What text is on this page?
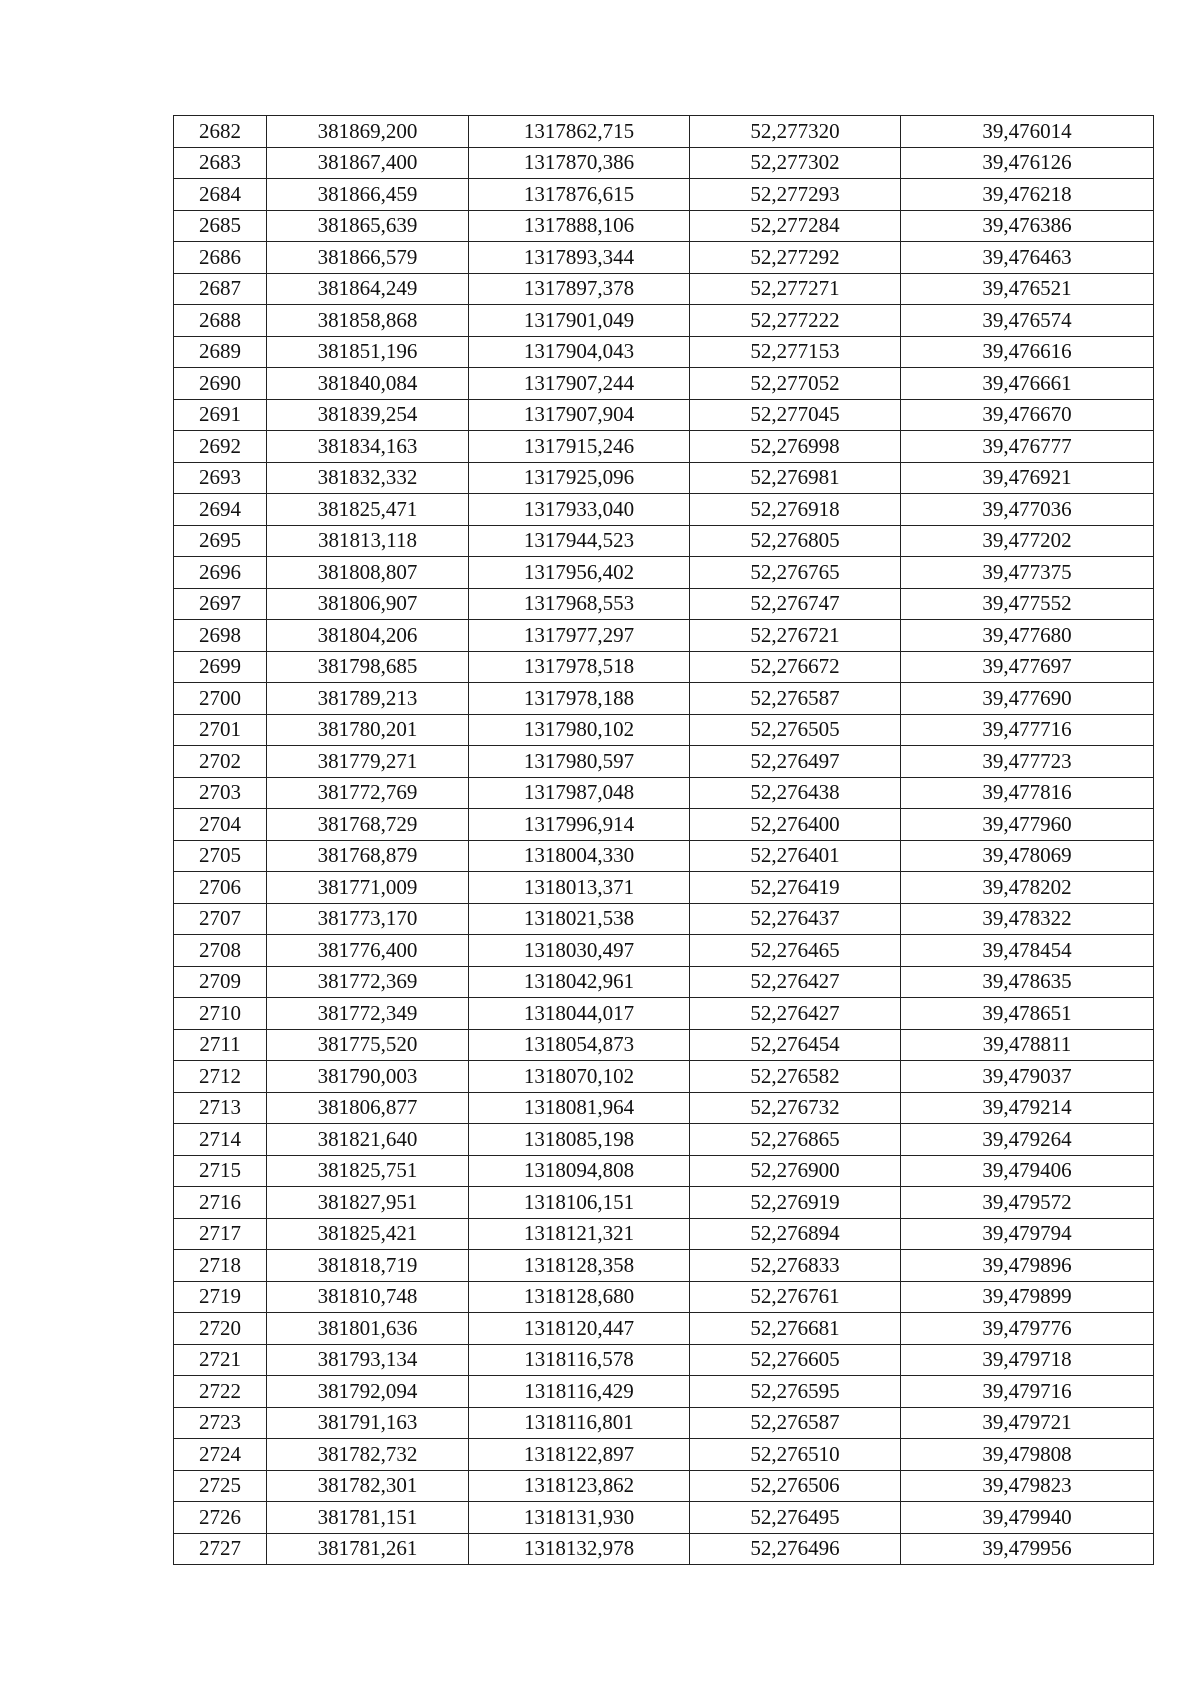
2682	381869,200	1317862,715	52,277320	39,476014
2683	381867,400	1317870,386	52,277302	39,476126
2684	381866,459	1317876,615	52,277293	39,476218
2685	381865,639	1317888,106	52,277284	39,476386
2686	381866,579	1317893,344	52,277292	39,476463
2687	381864,249	1317897,378	52,277271	39,476521
2688	381858,868	1317901,049	52,277222	39,476574
2689	381851,196	1317904,043	52,277153	39,476616
2690	381840,084	1317907,244	52,277052	39,476661
2691	381839,254	1317907,904	52,277045	39,476670
2692	381834,163	1317915,246	52,276998	39,476777
2693	381832,332	1317925,096	52,276981	39,476921
2694	381825,471	1317933,040	52,276918	39,477036
2695	381813,118	1317944,523	52,276805	39,477202
2696	381808,807	1317956,402	52,276765	39,477375
2697	381806,907	1317968,553	52,276747	39,477552
2698	381804,206	1317977,297	52,276721	39,477680
2699	381798,685	1317978,518	52,276672	39,477697
2700	381789,213	1317978,188	52,276587	39,477690
2701	381780,201	1317980,102	52,276505	39,477716
2702	381779,271	1317980,597	52,276497	39,477723
2703	381772,769	1317987,048	52,276438	39,477816
2704	381768,729	1317996,914	52,276400	39,477960
2705	381768,879	1318004,330	52,276401	39,478069
2706	381771,009	1318013,371	52,276419	39,478202
2707	381773,170	1318021,538	52,276437	39,478322
2708	381776,400	1318030,497	52,276465	39,478454
2709	381772,369	1318042,961	52,276427	39,478635
2710	381772,349	1318044,017	52,276427	39,478651
2711	381775,520	1318054,873	52,276454	39,478811
2712	381790,003	1318070,102	52,276582	39,479037
2713	381806,877	1318081,964	52,276732	39,479214
2714	381821,640	1318085,198	52,276865	39,479264
2715	381825,751	1318094,808	52,276900	39,479406
2716	381827,951	1318106,151	52,276919	39,479572
2717	381825,421	1318121,321	52,276894	39,479794
2718	381818,719	1318128,358	52,276833	39,479896
2719	381810,748	1318128,680	52,276761	39,479899
2720	381801,636	1318120,447	52,276681	39,479776
2721	381793,134	1318116,578	52,276605	39,479718
2722	381792,094	1318116,429	52,276595	39,479716
2723	381791,163	1318116,801	52,276587	39,479721
2724	381782,732	1318122,897	52,276510	39,479808
2725	381782,301	1318123,862	52,276506	39,479823
2726	381781,151	1318131,930	52,276495	39,479940
2727	381781,261	1318132,978	52,276496	39,479956
